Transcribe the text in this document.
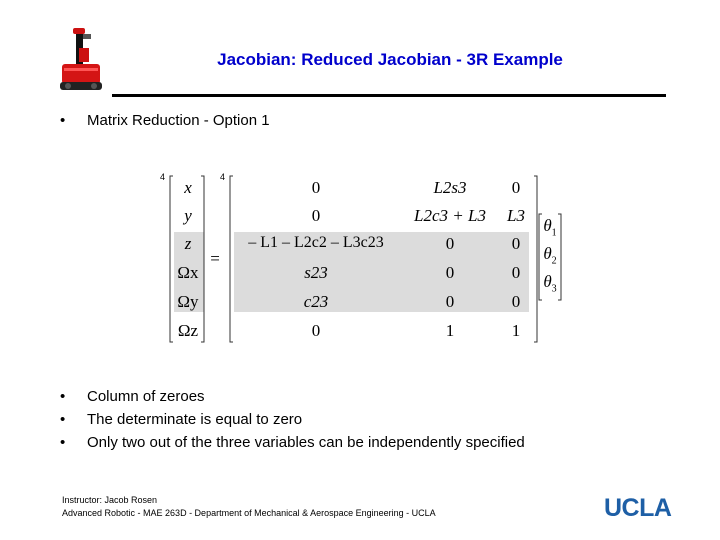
Jacobian: Reduced Jacobian - 3R Example
• Matrix Reduction - Option 1
4	4
x
y
z
Ωx
Ωy
Ωz
=
0	L2s3	0
0	L2c3 + L3	L3
– L1 – L2c2 – L3c23	0	0
s23	0	0
c23	0	0
0	1	1
$\theta_1$
$\theta_2$
$\theta_3$
• Column of zeroes
• The determinate is equal to zero
• Only two out of the three variables can be independently specified
Instructor: Jacob Rosen
Advanced Robotic - MAE 263D - Department of Mechanical & Aerospace Engineering - UCLA	UCLA
